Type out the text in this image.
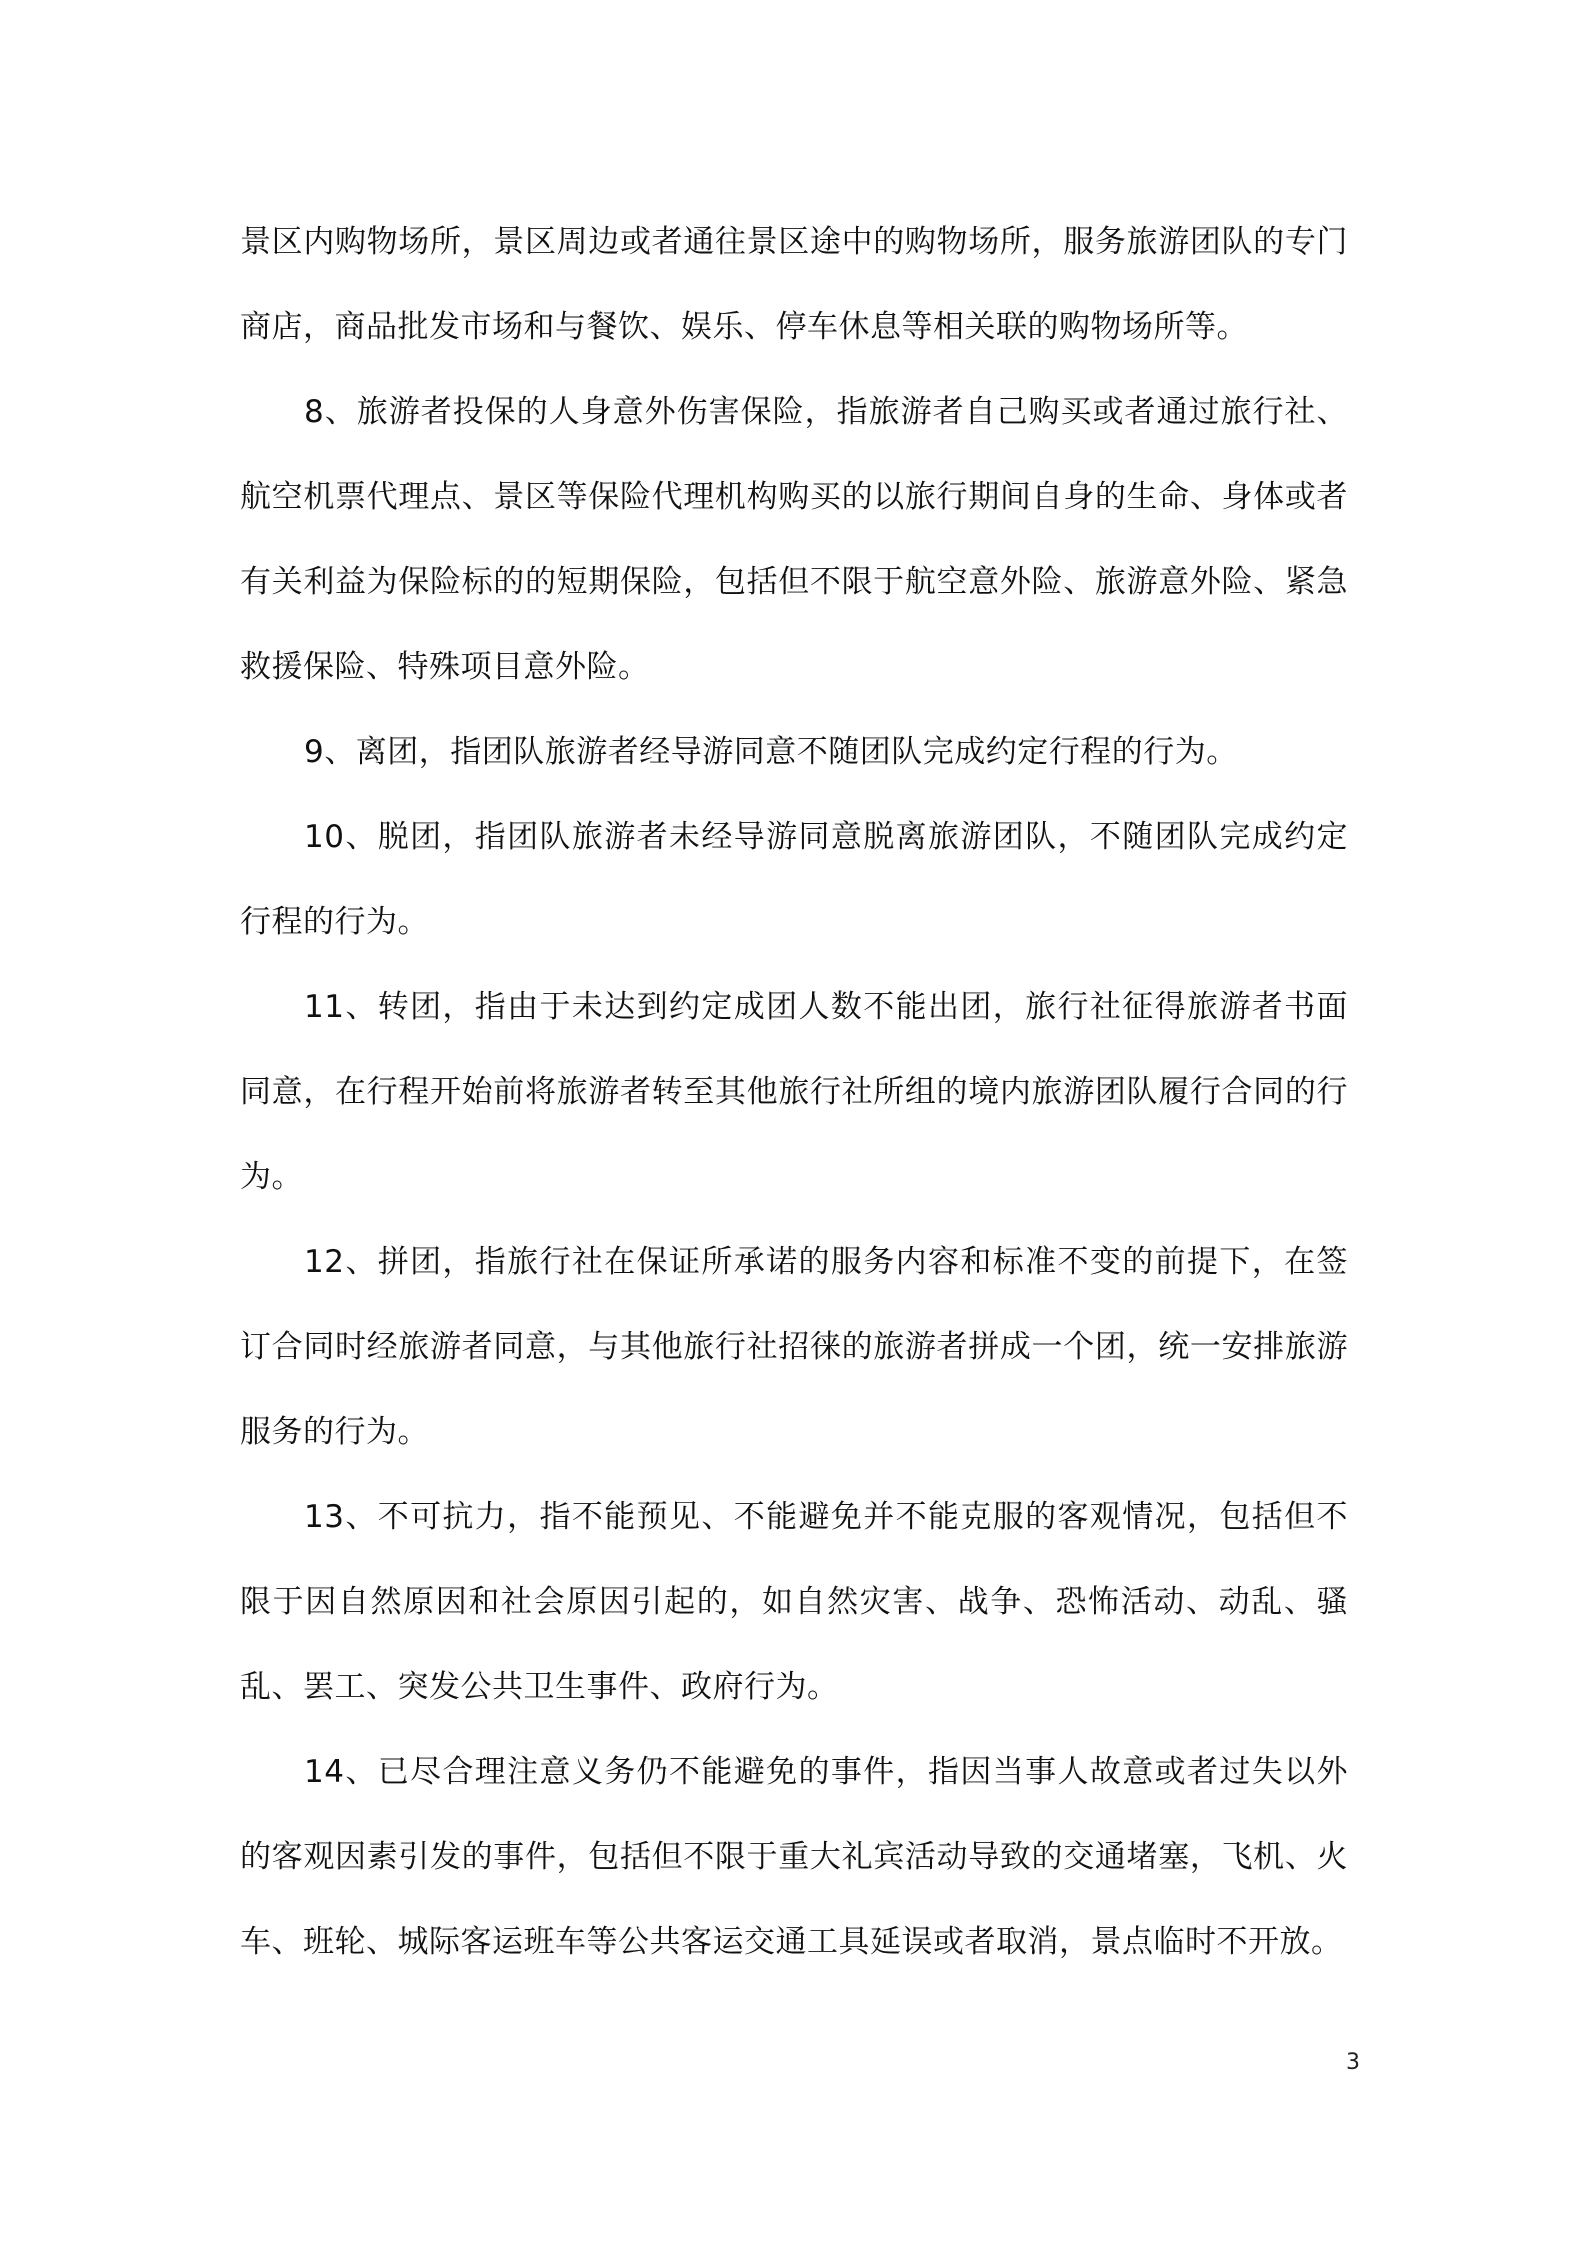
景区内购物场所，景区周边或者通往景区途中的购物场所，服务旅游团队的专门商店，商品批发市场和与餐饮、娱乐、停车休息等相关联的购物场所等。

8、旅游者投保的人身意外伤害保险，指旅游者自己购买或者通过旅行社、航空机票代理点、景区等保险代理机构购买的以旅行期间自身的生命、身体或者有关利益为保险标的的短期保险，包括但不限于航空意外险、旅游意外险、紧急救援保险、特殊项目意外险。

9、离团，指团队旅游者经导游同意不随团队完成约定行程的行为。

10、脱团，指团队旅游者未经导游同意脱离旅游团队，不随团队完成约定行程的行为。

11、转团，指由于未达到约定成团人数不能出团，旅行社征得旅游者书面同意，在行程开始前将旅游者转至其他旅行社所组的境内旅游团队履行合同的行为。

12、拼团，指旅行社在保证所承诺的服务内容和标准不变的前提下，在签订合同时经旅游者同意，与其他旅行社招徕的旅游者拼成一个团，统一安排旅游服务的行为。

13、不可抗力，指不能预见、不能避免并不能克服的客观情况，包括但不限于因自然原因和社会原因引起的，如自然灾害、战争、恐怖活动、动乱、骚乱、罢工、突发公共卫生事件、政府行为。

14、已尽合理注意义务仍不能避免的事件，指因当事人故意或者过失以外的客观因素引发的事件，包括但不限于重大礼宾活动导致的交通堵塞，飞机、火车、班轮、城际客运班车等公共客运交通工具延误或者取消，景点临时不开放。

3
